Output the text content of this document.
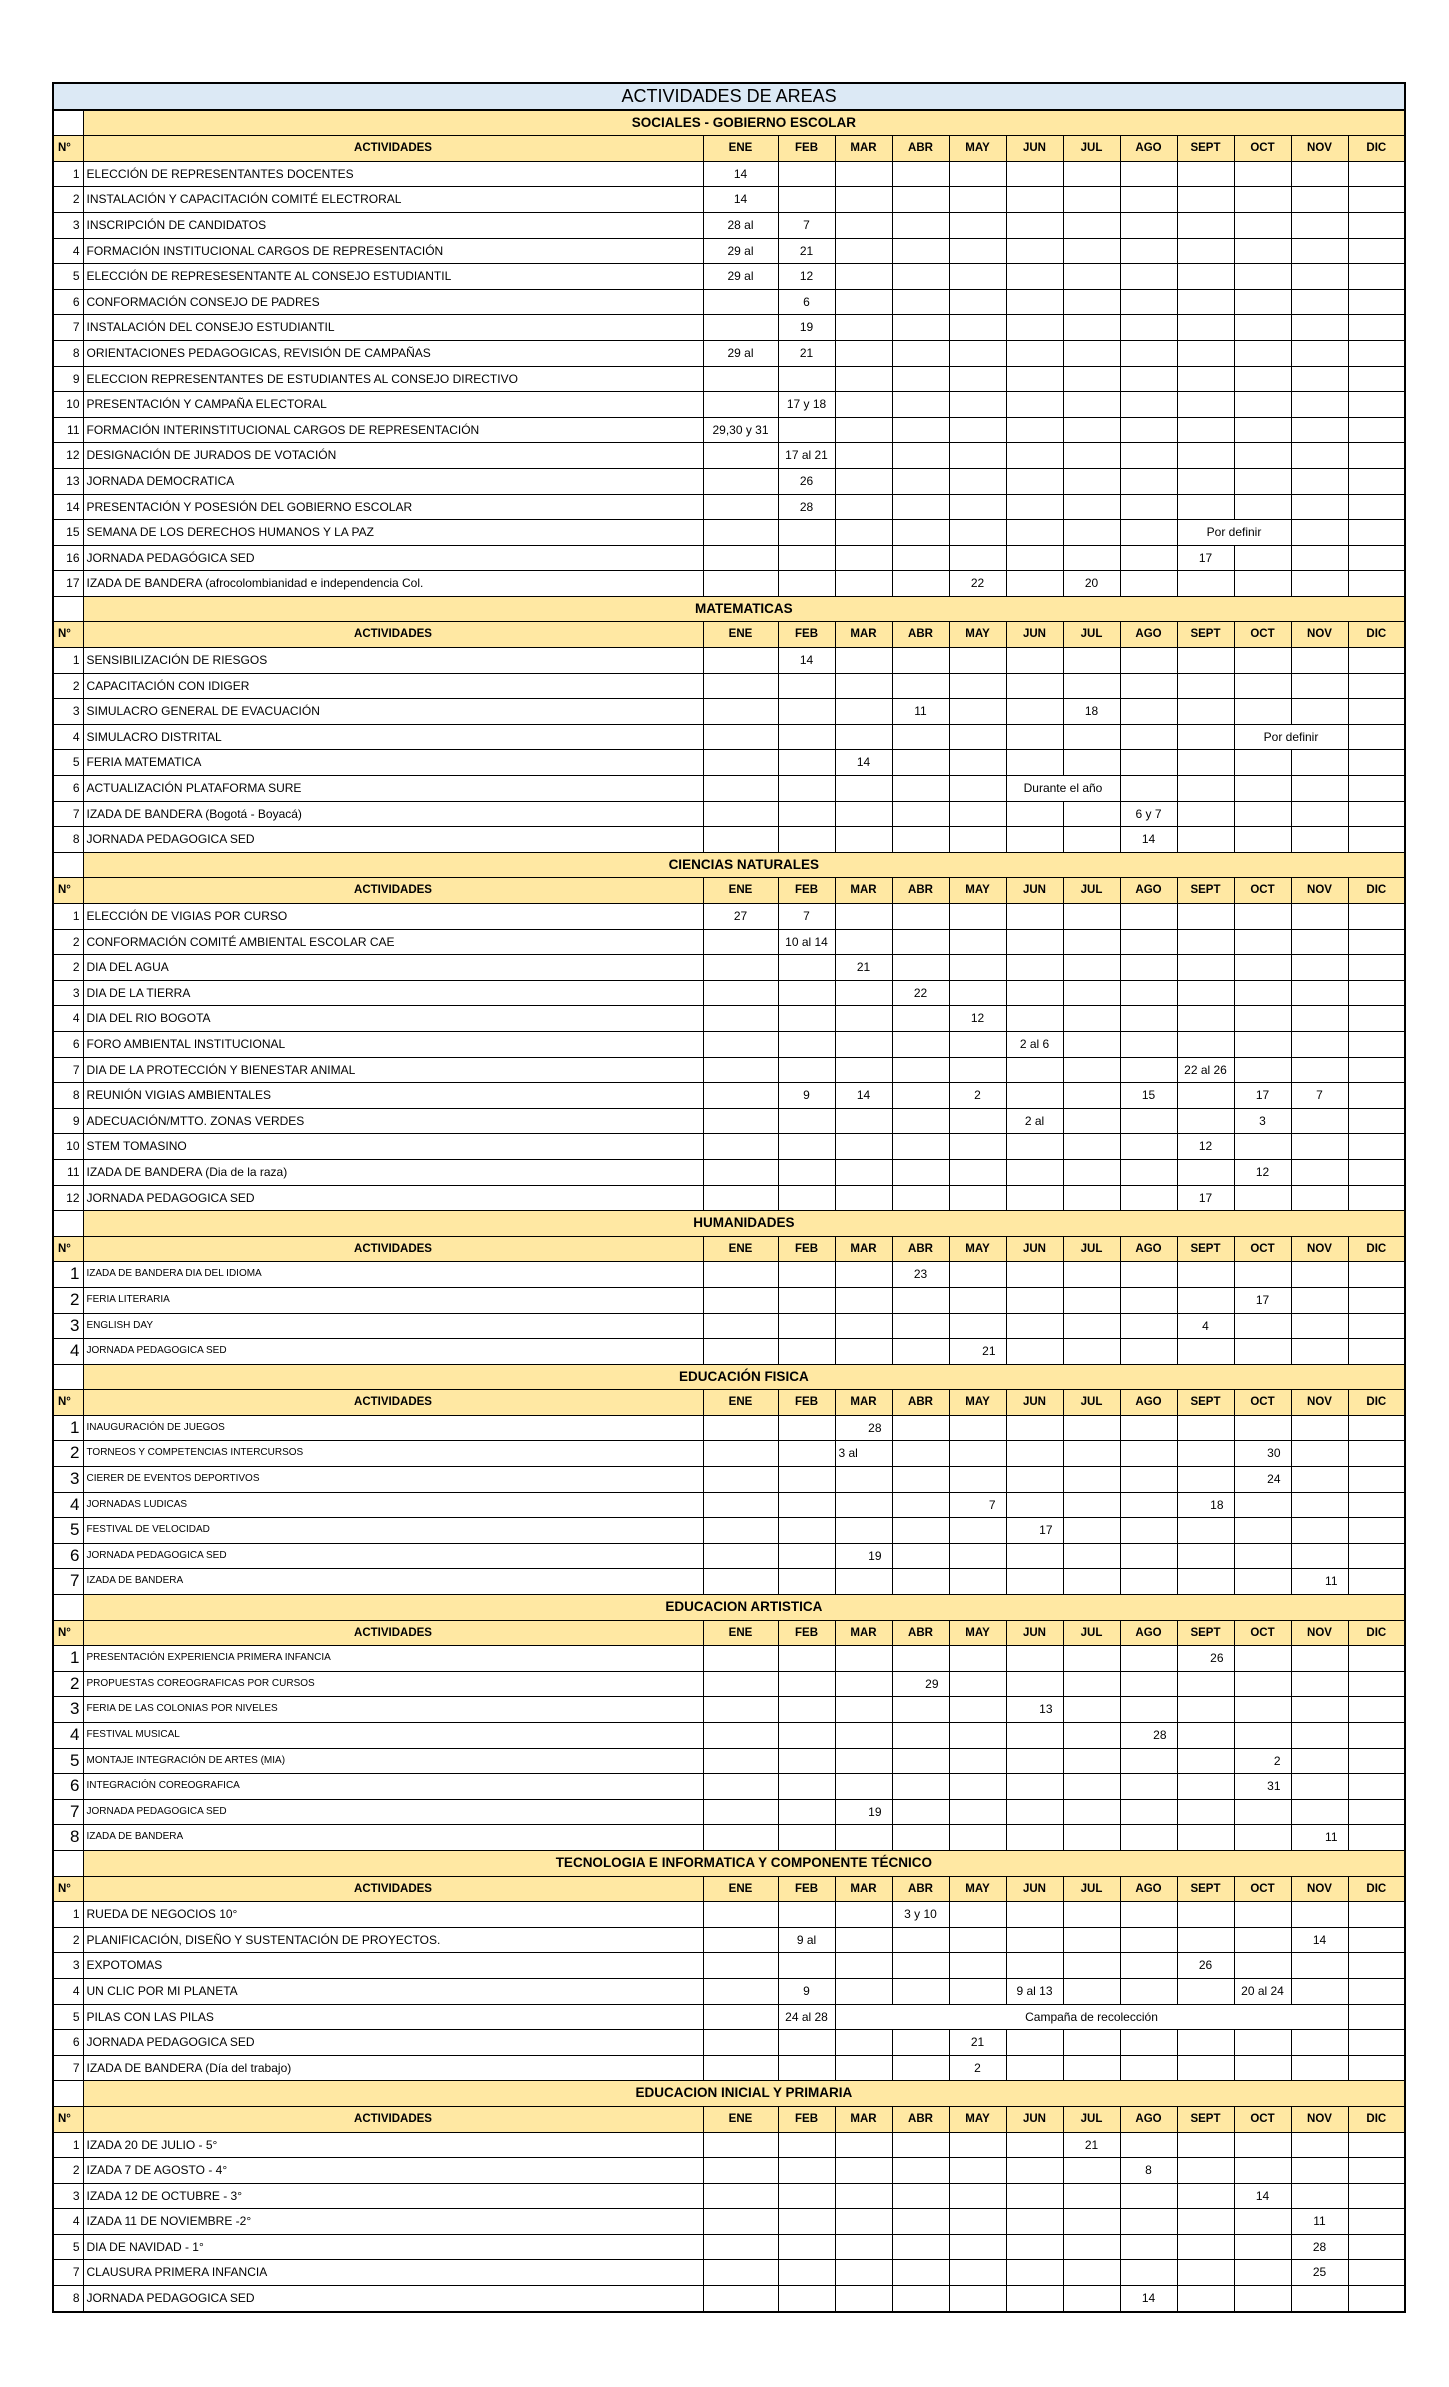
ACTIVIDADES DE AREAS													
	SOCIALES - GOBIERNO ESCOLAR												
N°	ACTIVIDADES	ENE	FEB	MAR	ABR	MAY	JUN	JUL	AGO	SEPT	OCT	NOV	DIC
1	ELECCIÓN DE REPRESENTANTES DOCENTES	14											
2	INSTALACIÓN Y CAPACITACIÓN COMITÉ ELECTRORAL	14											
3	INSCRIPCIÓN DE CANDIDATOS	28 al	7										
4	FORMACIÓN INSTITUCIONAL CARGOS DE REPRESENTACIÓN	29 al	21										
5	ELECCIÓN DE REPRESESENTANTE AL CONSEJO ESTUDIANTIL	29 al	12										
6	CONFORMACIÓN CONSEJO DE PADRES		6										
7	INSTALACIÓN DEL CONSEJO ESTUDIANTIL		19										
8	ORIENTACIONES PEDAGOGICAS, REVISIÓN DE CAMPAÑAS	29 al	21										
9	ELECCION REPRESENTANTES DE ESTUDIANTES AL CONSEJO DIRECTIVO												
10	PRESENTACIÓN Y CAMPAÑA ELECTORAL		17 y 18										
11	FORMACIÓN INTERINSTITUCIONAL CARGOS DE REPRESENTACIÓN	29,30 y 31											
12	DESIGNACIÓN DE JURADOS DE VOTACIÓN		17 al 21										
13	JORNADA DEMOCRATICA		26										
14	PRESENTACIÓN Y POSESIÓN DEL GOBIERNO ESCOLAR		28										
15	SEMANA DE LOS DERECHOS HUMANOS Y LA PAZ									Por definir			
16	JORNADA PEDAGÓGICA SED									17			
17	IZADA DE BANDERA (afrocolombianidad e independencia Col.					22		20					
	MATEMATICAS												
N°	ACTIVIDADES	ENE	FEB	MAR	ABR	MAY	JUN	JUL	AGO	SEPT	OCT	NOV	DIC
1	SENSIBILIZACIÓN DE RIESGOS		14										
2	CAPACITACIÓN CON IDIGER												
3	SIMULACRO GENERAL DE EVACUACIÓN				11			18					
4	SIMULACRO DISTRITAL										Por definir		
5	FERIA MATEMATICA			14									
6	ACTUALIZACIÓN PLATAFORMA SURE						Durante el año						
7	IZADA DE BANDERA (Bogotá - Boyacá)								6 y 7				
8	JORNADA PEDAGOGICA SED								14				
	CIENCIAS NATURALES												
N°	ACTIVIDADES	ENE	FEB	MAR	ABR	MAY	JUN	JUL	AGO	SEPT	OCT	NOV	DIC
1	ELECCIÓN DE VIGIAS POR CURSO	27	7										
2	CONFORMACIÓN COMITÉ AMBIENTAL ESCOLAR CAE		10 al 14										
2	DIA DEL AGUA			21									
3	DIA DE LA TIERRA				22								
4	DIA DEL RIO BOGOTA					12							
6	FORO AMBIENTAL INSTITUCIONAL						2 al 6						
7	DIA DE LA PROTECCIÓN Y BIENESTAR ANIMAL									22 al 26			
8	REUNIÓN VIGIAS AMBIENTALES		9	14		2			15		17	7	
9	ADECUACIÓN/MTTO. ZONAS VERDES						2 al				3		
10	STEM TOMASINO									12			
11	IZADA DE BANDERA (Dia de la raza)										12		
12	JORNADA PEDAGOGICA SED									17			
	HUMANIDADES												
N°	ACTIVIDADES	ENE	FEB	MAR	ABR	MAY	JUN	JUL	AGO	SEPT	OCT	NOV	DIC
1	IZADA DE BANDERA DIA DEL IDIOMA				23								
2	FERIA LITERARIA										17		
3	ENGLISH DAY									4			
4	JORNADA PEDAGOGICA SED					21							
	EDUCACIÓN FISICA												
N°	ACTIVIDADES	ENE	FEB	MAR	ABR	MAY	JUN	JUL	AGO	SEPT	OCT	NOV	DIC
1	INAUGURACIÓN DE JUEGOS			28									
2	TORNEOS Y COMPETENCIAS INTERCURSOS			3 al							30		
3	CIERER DE EVENTOS DEPORTIVOS										24		
4	JORNADAS LUDICAS					7				18			
5	FESTIVAL DE VELOCIDAD						17						
6	JORNADA PEDAGOGICA SED			19									
7	IZADA DE BANDERA											11	
	EDUCACION ARTISTICA												
N°	ACTIVIDADES	ENE	FEB	MAR	ABR	MAY	JUN	JUL	AGO	SEPT	OCT	NOV	DIC
1	PRESENTACIÓN EXPERIENCIA PRIMERA INFANCIA									26			
2	PROPUESTAS COREOGRAFICAS POR CURSOS				29								
3	FERIA DE LAS COLONIAS POR NIVELES						13						
4	FESTIVAL MUSICAL								28				
5	MONTAJE INTEGRACIÓN DE ARTES (MIA)										2		
6	INTEGRACIÓN COREOGRAFICA										31		
7	JORNADA PEDAGOGICA SED			19									
8	IZADA DE BANDERA											11	
	TECNOLOGIA E INFORMATICA Y COMPONENTE TÉCNICO												
N°	ACTIVIDADES	ENE	FEB	MAR	ABR	MAY	JUN	JUL	AGO	SEPT	OCT	NOV	DIC
1	RUEDA DE NEGOCIOS 10°				3 y 10								
2	PLANIFICACIÓN, DISEÑO Y SUSTENTACIÓN DE PROYECTOS.		9 al									14	
3	EXPOTOMAS									26			
4	UN CLIC POR MI PLANETA		9				9 al 13				20 al 24		
5	PILAS CON LAS PILAS		24 al 28	Campaña de recolección									
6	JORNADA PEDAGOGICA SED					21							
7	IZADA DE BANDERA (Día del trabajo)					2							
	EDUCACION INICIAL Y PRIMARIA												
N°	ACTIVIDADES	ENE	FEB	MAR	ABR	MAY	JUN	JUL	AGO	SEPT	OCT	NOV	DIC
1	IZADA 20 DE JULIO - 5°							21					
2	IZADA 7 DE AGOSTO - 4°								8				
3	IZADA 12 DE OCTUBRE - 3°										14		
4	IZADA 11 DE NOVIEMBRE -2°											11	
5	DIA DE NAVIDAD - 1°											28	
7	CLAUSURA PRIMERA INFANCIA											25	
8	JORNADA PEDAGOGICA SED								14				
